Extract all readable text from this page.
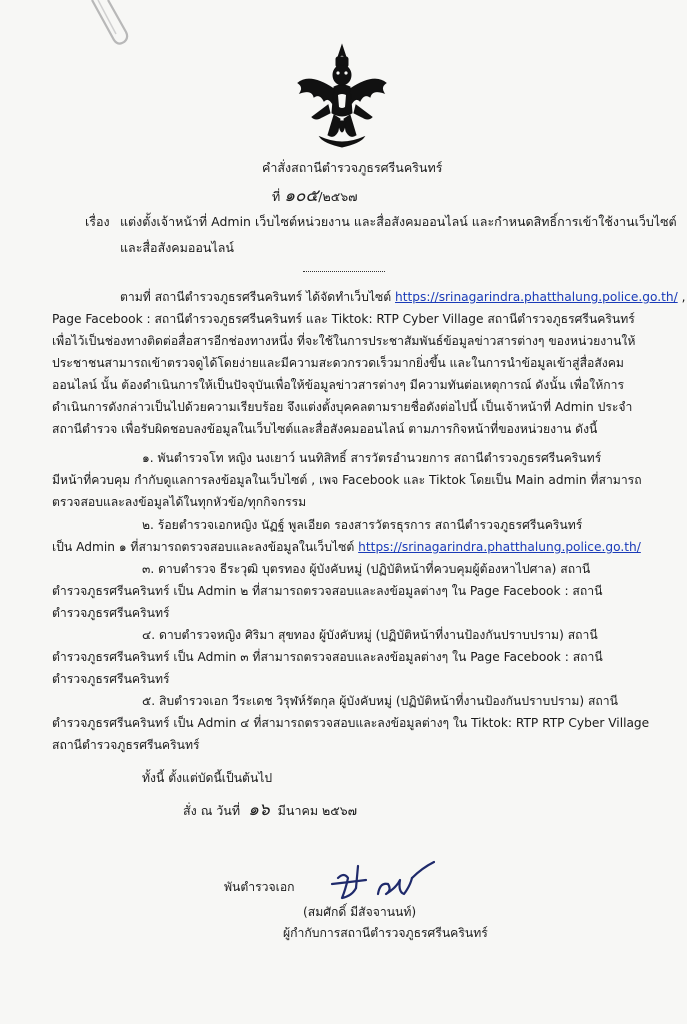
คำสั่งสถานีตำรวจภูธรศรีนครินทร์
ที่ ๑๐๕/๒๕๖๗
เรื่อง แต่งตั้งเจ้าหน้าที่ Admin เว็บไซต์หน่วยงาน และสื่อสังคมออนไลน์ และกำหนดสิทธิ์การเข้าใช้งานเว็บไซต์
และสื่อสังคมออนไลน์
ตามที่ สถานีตำรวจภูธรศรีนครินทร์ ได้จัดทำเว็บไซต์ https://srinagarindra.phatthalung.police.go.th/ ,
Page Facebook : สถานีตำรวจภูธรศรีนครินทร์ และ Tiktok: RTP Cyber Village สถานีตำรวจภูธรศรีนครินทร์
เพื่อไว้เป็นช่องทางติดต่อสื่อสารอีกช่องทางหนึ่ง ที่จะใช้ในการประชาสัมพันธ์ข้อมูลข่าวสารต่างๆ ของหน่วยงานให้
ประชาชนสามารถเข้าตรวจดูได้โดยง่ายและมีความสะดวกรวดเร็วมากยิ่งขึ้น และในการนำข้อมูลเข้าสู่สื่อสังคม
ออนไลน์ นั้น ต้องดำเนินการให้เป็นปัจจุบันเพื่อให้ข้อมูลข่าวสารต่างๆ มีความทันต่อเหตุการณ์ ดังนั้น เพื่อให้การ
ดำเนินการดังกล่าวเป็นไปด้วยความเรียบร้อย จึงแต่งตั้งบุคคลตามรายชื่อดังต่อไปนี้ เป็นเจ้าหน้าที่ Admin ประจำ
สถานีตำรวจ เพื่อรับผิดชอบลงข้อมูลในเว็บไซต์และสื่อสังคมออนไลน์ ตามภารกิจหน้าที่ของหน่วยงาน ดังนี้
๑. พันตำรวจโท หญิง นงเยาว์ นนทิสิทธิ์ สารวัตรอำนวยการ สถานีตำรวจภูธรศรีนครินทร์
มีหน้าที่ควบคุม กำกับดูแลการลงข้อมูลในเว็บไซต์ , เพจ Facebook และ Tiktok โดยเป็น Main admin ที่สามารถ
ตรวจสอบและลงข้อมูลได้ในทุกหัวข้อ/ทุกกิจกรรม
๒. ร้อยตำรวจเอกหญิง นัฏฐ์ พูลเอียด รองสารวัตรธุรการ สถานีตำรวจภูธรศรีนครินทร์
เป็น Admin ๑ ที่สามารถตรวจสอบและลงข้อมูลในเว็บไซต์ https://srinagarindra.phatthalung.police.go.th/
๓. ดาบตำรวจ ธีระวุฒิ บุตรทอง ผู้บังคับหมู่ (ปฏิบัติหน้าที่ควบคุมผู้ต้องหาไปศาล) สถานี
ตำรวจภูธรศรีนครินทร์ เป็น Admin ๒ ที่สามารถตรวจสอบและลงข้อมูลต่างๆ ใน Page Facebook : สถานี
ตำรวจภูธรศรีนครินทร์
๔. ดาบตำรวจหญิง ศิริมา สุขทอง ผู้บังคับหมู่ (ปฏิบัติหน้าที่งานป้องกันปราบปราม) สถานี
ตำรวจภูธรศรีนครินทร์ เป็น Admin ๓ ที่สามารถตรวจสอบและลงข้อมูลต่างๆ ใน Page Facebook : สถานี
ตำรวจภูธรศรีนครินทร์
๕. สิบตำรวจเอก วีระเดช วิรุฬห์รัตกุล ผู้บังคับหมู่ (ปฏิบัติหน้าที่งานป้องกันปราบปราม) สถานี
ตำรวจภูธรศรีนครินทร์ เป็น Admin ๔ ที่สามารถตรวจสอบและลงข้อมูลต่างๆ ใน Tiktok: RTP RTP Cyber Village
สถานีตำรวจภูธรศรีนครินทร์
ทั้งนี้ ตั้งแต่บัดนี้เป็นต้นไป
สั่ง ณ วันที่ ๑๖ มีนาคม ๒๕๖๗
พันตำรวจเอก
(สมศักดิ์ มีสัจจานนท์)
ผู้กำกับการสถานีตำรวจภูธรศรีนครินทร์
